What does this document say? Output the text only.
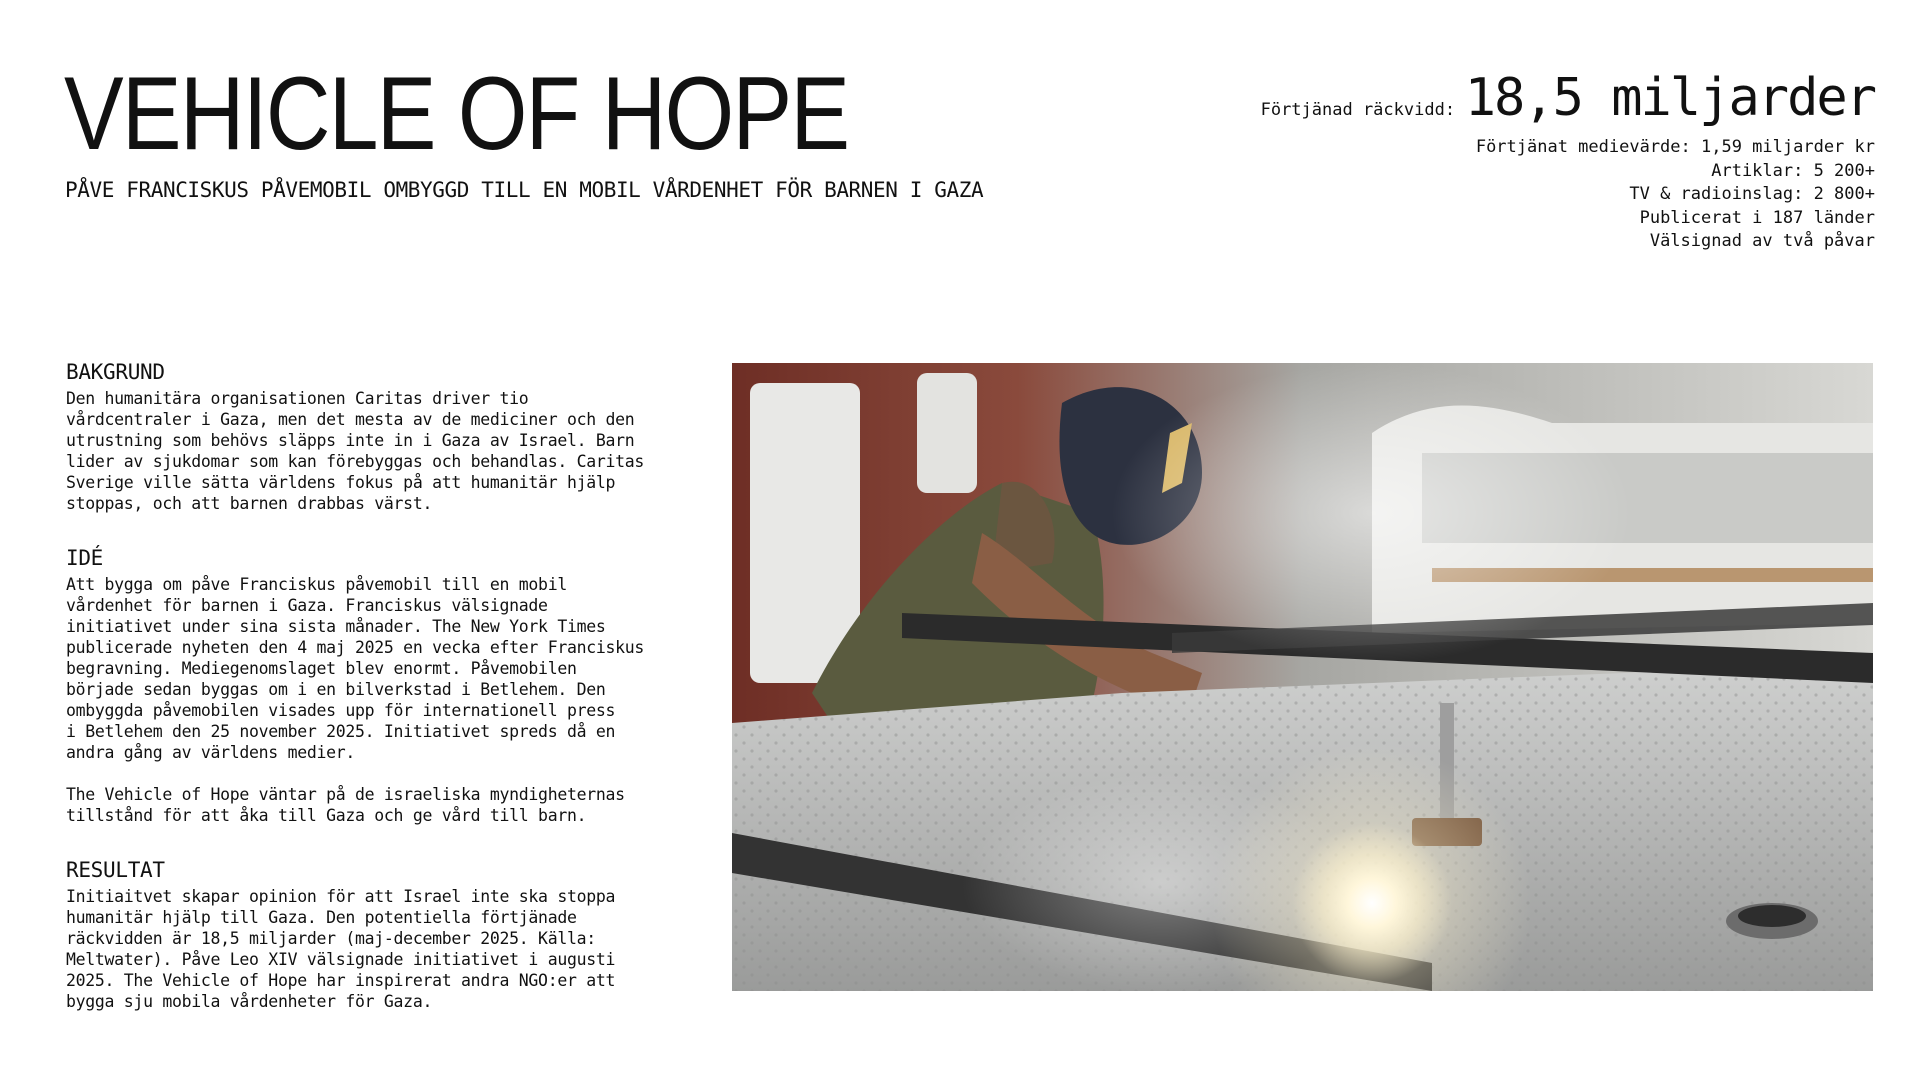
VEHICLE OF HOPE
PÅVE FRANCISKUS PÅVEMOBIL OMBYGGD TILL EN MOBIL VÅRDENHET FÖR BARNEN I GAZA
Förtjänad räckvidd: 18,5 miljarder
Förtjänat medievärde: 1,59 miljarder kr
Artiklar: 5 200+
TV & radioinslag: 2 800+
Publicerat i 187 länder
Välsignad av två påvar
BAKGRUND

Den humanitära organisationen Caritas driver tio
vårdcentraler i Gaza, men det mesta av de mediciner och den
utrustning som behövs släpps inte in i Gaza av Israel. Barn
lider av sjukdomar som kan förebyggas och behandlas. Caritas
Sverige ville sätta världens fokus på att humanitär hjälp
stoppas, och att barnen drabbas värst.

IDÉ

Att bygga om påve Franciskus påvemobil till en mobil
vårdenhet för barnen i Gaza. Franciskus välsignade
initiativet under sina sista månader. The New York Times
publicerade nyheten den 4 maj 2025 en vecka efter Franciskus
begravning. Mediegenomslaget blev enormt. Påvemobilen
började sedan byggas om i en bilverkstad i Betlehem. Den
ombyggda påvemobilen visades upp för internationell press
i Betlehem den 25 november 2025. Initiativet spreds då en
andra gång av världens medier.

The Vehicle of Hope väntar på de israeliska myndigheternas
tillstånd för att åka till Gaza och ge vård till barn.

RESULTAT

Initiaitvet skapar opinion för att Israel inte ska stoppa
humanitär hjälp till Gaza. Den potentiella förtjänade
räckvidden är 18,5 miljarder (maj-december 2025. Källa:
Meltwater). Påve Leo XIV välsignade initiativet i augusti
2025. The Vehicle of Hope har inspirerat andra NGO:er att
bygga sju mobila vårdenheter för Gaza.
